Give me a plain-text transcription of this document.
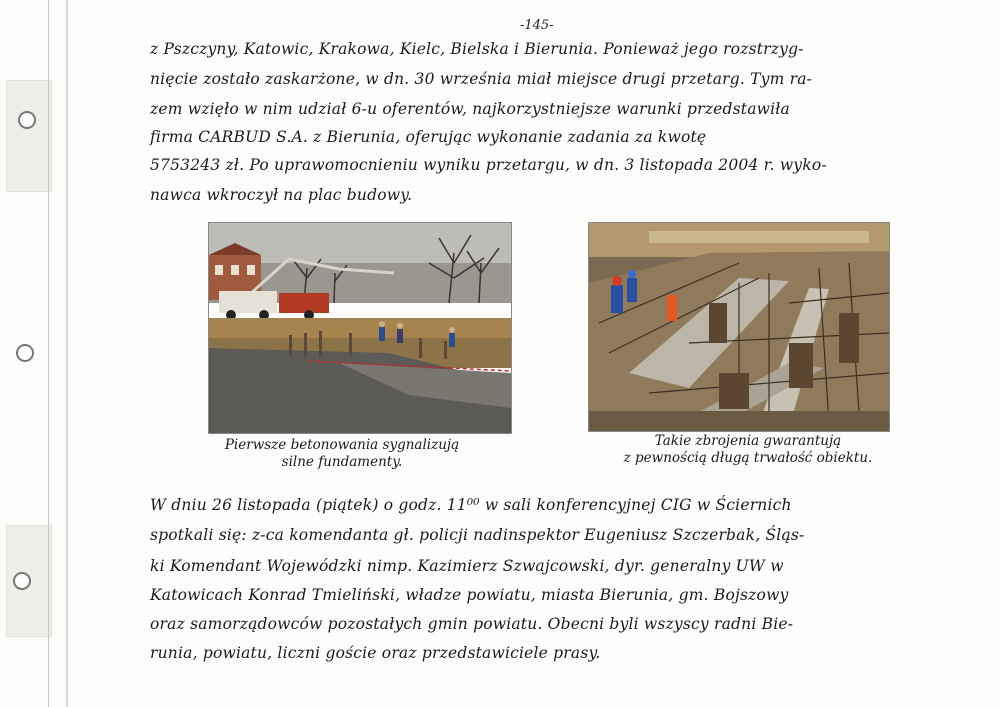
-145-
z Pszczyny, Katowic, Krakowa, Kielc, Bielska i Bierunia. Ponieważ jego rozstrzyg-
nięcie zostało zaskarżone, w dn. 30 września miał miejsce drugi przetarg. Tym ra-
zem wzięło w nim udział 6-u oferentów, najkorzystniejsze warunki przedstawiła
firma CARBUD S.A. z Bierunia, oferując wykonanie zadania za kwotę
5753243 zł. Po uprawomocnieniu wyniku przetargu, w dn. 3 listopada 2004 r. wyko-
nawca wkroczył na plac budowy.
Pierwsze betonowania sygnalizują
silne fundamenty.
Takie zbrojenia gwarantują
z pewnością długą trwałość obiektu.
W dniu 26 listopada (piątek) o godz. 11⁰⁰ w sali konferencyjnej CIG w Ściernich
spotkali się: z-ca komendanta gł. policji nadinspektor Eugeniusz Szczerbak, Śląs-
ki Komendant Wojewódzki nimp. Kazimierz Szwajcowski, dyr. generalny UW w
Katowicach Konrad Tmieliński, władze powiatu, miasta Bierunia, gm. Bojszowy
oraz samorządowców pozostałych gmin powiatu. Obecni byli wszyscy radni Bie-
runia, powiatu, liczni goście oraz przedstawiciele prasy.
